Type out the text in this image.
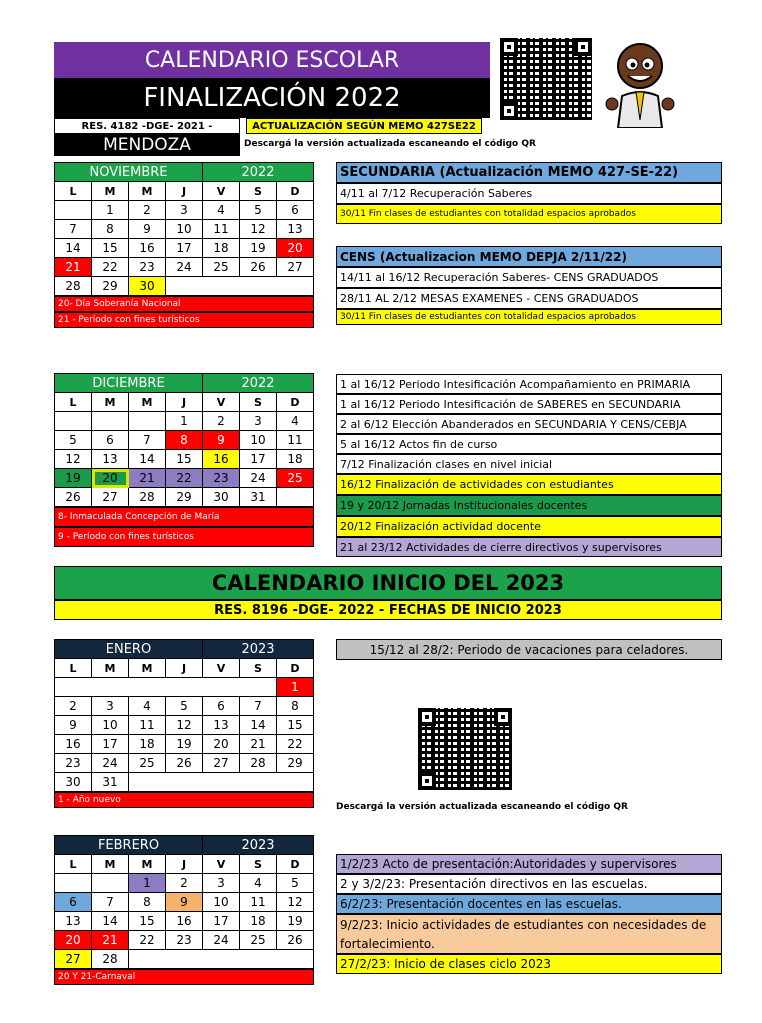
CALENDARIO ESCOLAR
FINALIZACIÓN 2022
RES. 4182 -DGE- 2021 -	ACTUALIZACIÓN SEGÚN MEMO 427SE22
MENDOZA	Descargá la versión actualizada escaneando el código QR
NOVIEMBRE				2022		
L	M	M	J	V	S	D
	1	2	3	4	5	6
7	8	9	10	11	12	13
14	15	16	17	18	19	20
21	22	23	24	25	26	27
28	29	30				
20- Día Soberanía Nacional
21 - Período con fines turísticos
SECUNDARIA (Actualización MEMO 427-SE-22)
4/11 al 7/12 Recuperación Saberes
30/11 Fin clases de estudiantes con totalidad espacios aprobados
CENS (Actualizacion MEMO DEPJA 2/11/22)
14/11 al 16/12 Recuperación Saberes- CENS GRADUADOS
28/11 AL 2/12 MESAS EXAMENES - CENS GRADUADOS
30/11 Fin clases de estudiantes con totalidad espacios aprobados
DICIEMBRE				2022		
L	M	M	J	V	S	D
			1	2	3	4
5	6	7	8	9	10	11
12	13	14	15	16	17	18
19	20	21	22	23	24	25
26	27	28	29	30	31	
8- Inmaculada Concepción de María
9 - Período con fines turísticos
1 al 16/12 Periodo Intesificación Acompañamiento en PRIMARIA
1 al 16/12 Periodo Intesificación de SABERES en SECUNDARIA
2 al 6/12 Elección Abanderados en SECUNDARIA Y CENS/CEBJA
5 al 16/12 Actos fin de curso
7/12 Finalización clases en nivel inicial
16/12 Finalización de actividades con estudiantes
19 y 20/12 Jornadas Institucionales docentes
20/12 Finalización actividad docente
21 al 23/12 Actividades de cierre directivos y supervisores
CALENDARIO INICIO DEL 2023
RES. 8196 -DGE- 2022 - FECHAS DE INICIO 2023
ENERO				2023		
L	M	M	J	V	S	D
						1
2	3	4	5	6	7	8
9	10	11	12	13	14	15
16	17	18	19	20	21	22
23	24	25	26	27	28	29
30	31					
1 - Año nuevo
15/12 al 28/2: Periodo de vacaciones para celadores.
Descargá la versión actualizada escaneando el código QR
FEBRERO				2023		
L	M	M	J	V	S	D
		1	2	3	4	5
6	7	8	9	10	11	12
13	14	15	16	17	18	19
20	21	22	23	24	25	26
27	28					
20 Y 21-Carnaval
1/2/23 Acto de presentación:Autoridades y supervisores
2 y 3/2/23: Presentación directivos en las escuelas.
6/2/23: Presentación docentes en las escuelas.
9/2/23: Inicio actividades de estudiantes con necesidades de
fortalecimiento.
27/2/23: Inicio de clases ciclo 2023
